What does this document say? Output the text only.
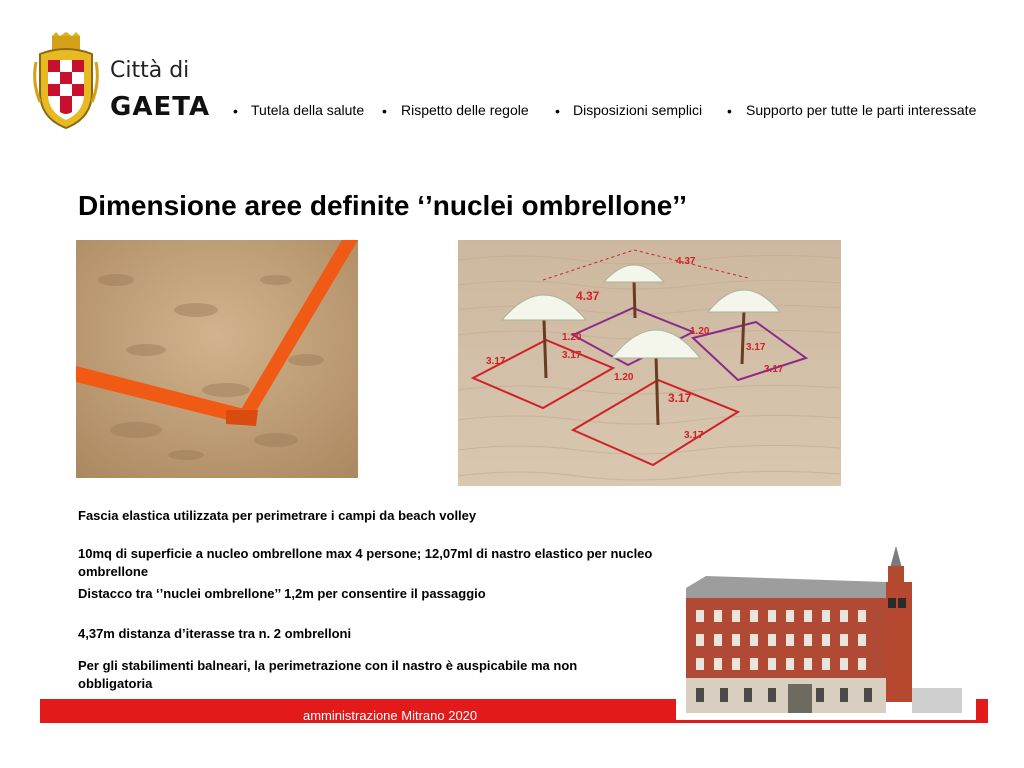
Città di
GAETA • Tutela della salute • Rispetto delle regole • Disposizioni semplici • Supporto per tutte le parti interessate
Dimensione aree definite ‘’nuclei ombrellone’’
4.37
4.37
3.17
3.17
1.20
1.20
1.20
3.17
3.17
3.17
3.17
Fascia elastica utilizzata per perimetrare i campi da beach volley
10mq di superficie a nucleo ombrellone max 4 persone; 12,07ml di nastro elastico per nucleo ombrellone
Distacco tra ‘’nuclei ombrellone’’ 1,2m per consentire il passaggio
4,37m distanza d’iterasse tra n. 2 ombrelloni
Per gli stabilimenti balneari, la perimetrazione con il nastro è auspicabile ma non obbligatoria
amministrazione Mitrano 2020
